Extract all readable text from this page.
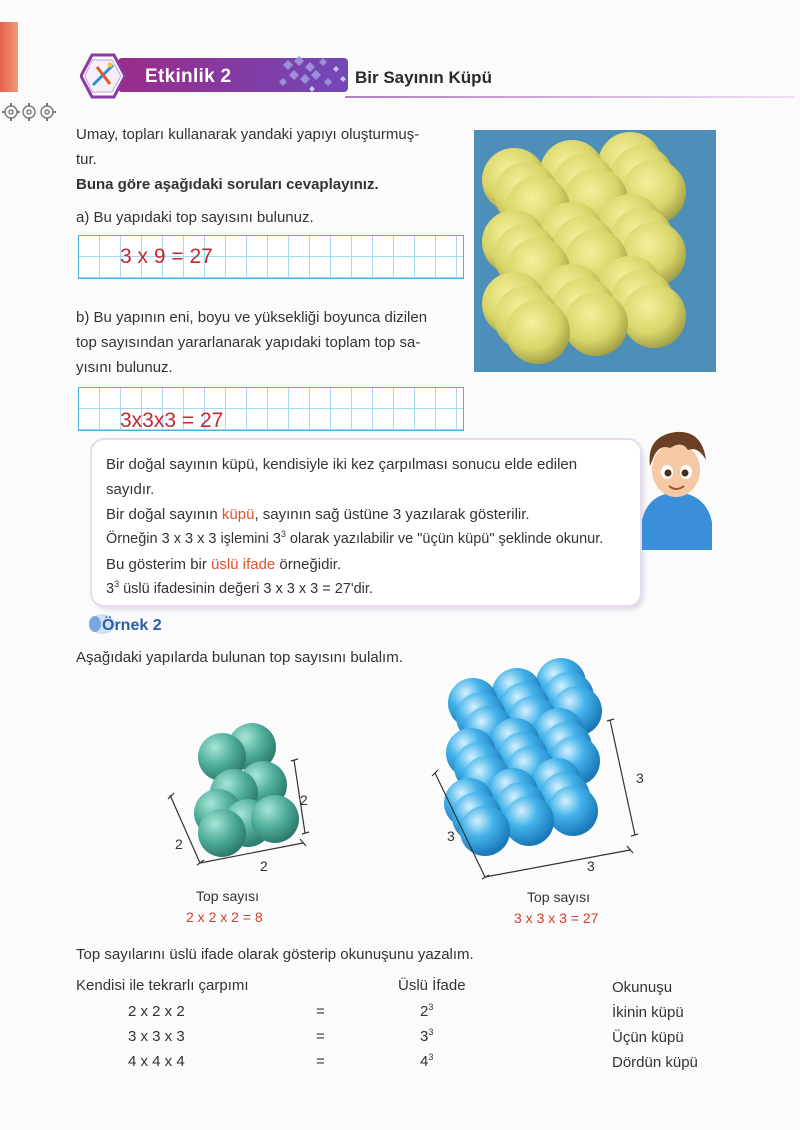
Etkinlik 2	Bir Sayının Küpü
Umay, topları kullanarak yandaki yapıyı oluşturmuş-
tur.
Buna göre aşağıdaki soruları cevaplayınız.
a) Bu yapıdaki top sayısını bulunuz.
3 x 9 = 27
b) Bu yapının eni, boyu ve yüksekliği boyunca dizilen
top sayısından yararlanarak yapıdaki toplam top sa-
yısını bulunuz.
3x3x3 = 27
Bir doğal sayının küpü, kendisiyle iki kez çarpılması sonucu elde edilen
sayıdır.
Bir doğal sayının küpü, sayının sağ üstüne 3 yazılarak gösterilir.
Örneğin 3 x 3 x 3 işlemini $3^3$ olarak yazılabilir ve "üçün küpü" şeklinde okunur.
Bu gösterim bir üslü ifade örneğidir.
$3^3$ üslü ifadesinin değeri 3 x 3 x 3 = 27'dir.
Örnek 2
Aşağıdaki yapılarda bulunan top sayısını bulalım.
2
2
2
Top sayısı
2 x 2 x 2 = 8
3
3
3
Top sayısı
3 x 3 x 3 = 27
Top sayılarını üslü ifade olarak gösterip okunuşunu yazalım.
Kendisi ile tekrarlı çarpımı	Üslü İfade	Okunuşu
2 x 2 x 2	=	$2^3$	İkinin küpü
3 x 3 x 3	=	$3^3$	Üçün küpü
4 x 4 x 4	=	$4^3$	Dördün küpü
